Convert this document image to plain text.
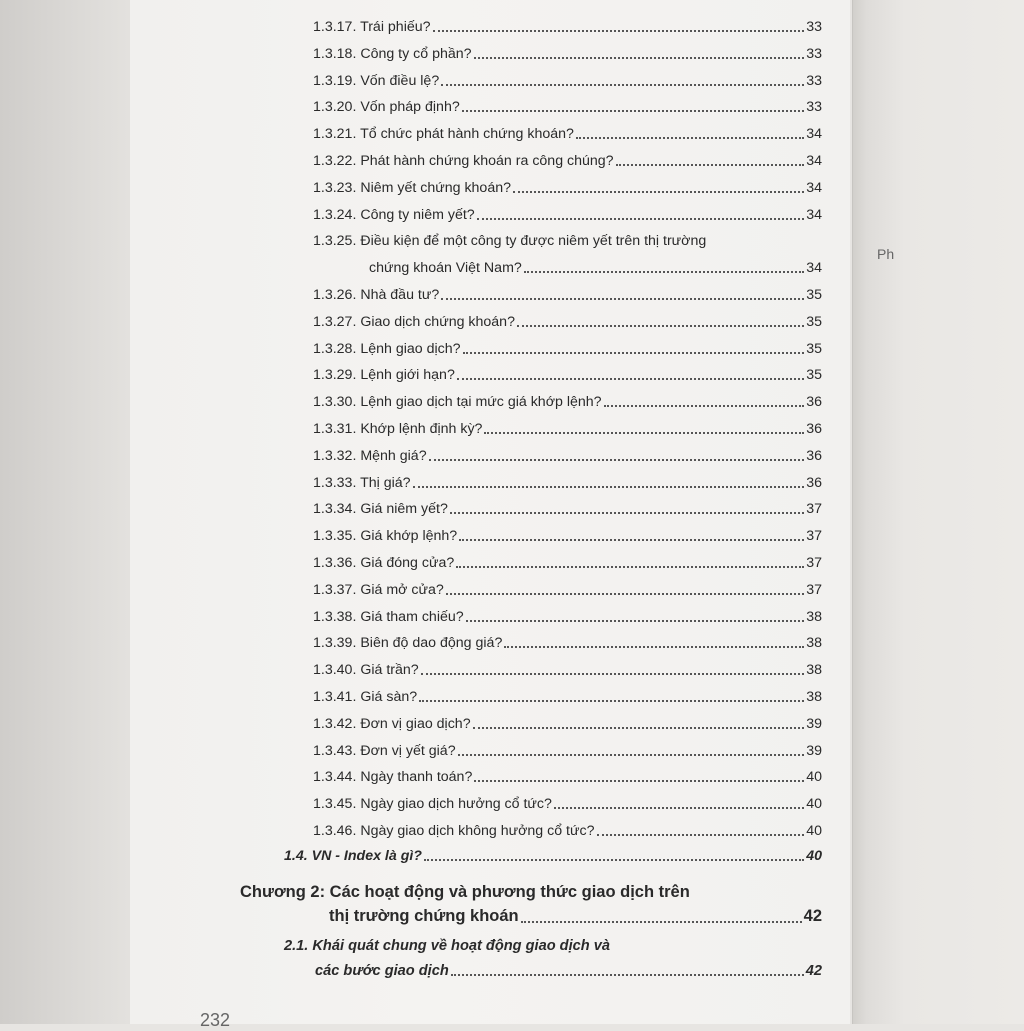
Ph
1.3.17. Trái phiếu?	33
1.3.18. Công ty cổ phần?	33
1.3.19. Vốn điều lệ?	33
1.3.20. Vốn pháp định?	33
1.3.21. Tổ chức phát hành chứng khoán?	34
1.3.22. Phát hành chứng khoán ra công chúng?	34
1.3.23. Niêm yết chứng khoán?	34
1.3.24. Công ty niêm yết?	34
1.3.25. Điều kiện để một công ty được niêm yết trên thị trường
chứng khoán Việt Nam?	34
1.3.26. Nhà đầu tư?	35
1.3.27. Giao dịch chứng khoán?	35
1.3.28. Lệnh giao dịch?	35
1.3.29. Lệnh giới hạn?	35
1.3.30. Lệnh giao dịch tại mức giá khớp lệnh?	36
1.3.31. Khớp lệnh định kỳ?	36
1.3.32. Mệnh giá?	36
1.3.33. Thị giá?	36
1.3.34. Giá niêm yết?	37
1.3.35. Giá khớp lệnh?	37
1.3.36. Giá đóng cửa?	37
1.3.37. Giá mở cửa?	37
1.3.38. Giá tham chiếu?	38
1.3.39. Biên độ dao động giá?	38
1.3.40. Giá trần?	38
1.3.41. Giá sàn?	38
1.3.42. Đơn vị giao dịch?	39
1.3.43. Đơn vị yết giá?	39
1.3.44. Ngày thanh toán?	40
1.3.45. Ngày giao dịch hưởng cổ tức?	40
1.3.46. Ngày giao dịch không hưởng cổ tức?	40
1.4. VN - Index là gì?	40
Chương 2: Các hoạt động và phương thức giao dịch trên
thị trường chứng khoán	42
2.1. Khái quát chung về hoạt động giao dịch và
các bước giao dịch	42
232
